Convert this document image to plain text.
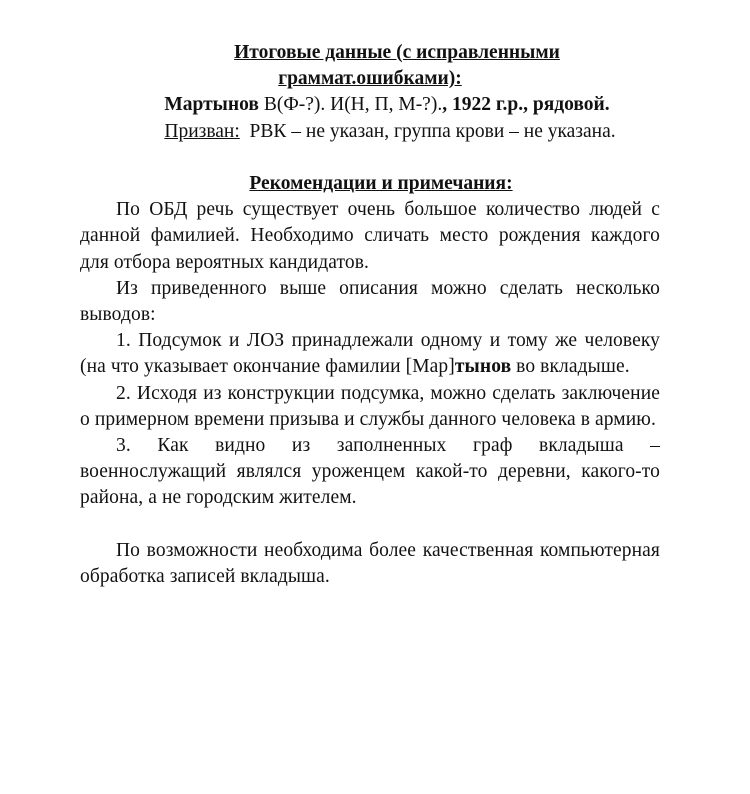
Итоговые данные (с исправленными

граммат.ошибками):

Мартынов В(Ф-?). И(Н, П, М-?)., 1922 г.р., рядовой.

Призван:  РВК – не указан, группа крови – не указана.

Рекомендации и примечания:

По ОБД речь существует очень большое количество людей с данной фамилией. Необходимо сличать место рождения каждого для отбора вероятных кандидатов.

Из приведенного выше описания можно сделать несколько выводов:

1. Подсумок и ЛОЗ принадлежали одному и тому же человеку (на что указывает окончание фамилии [Мар]тынов во вкладыше.

2. Исходя из конструкции подсумка, можно сделать заключение о примерном времени призыва и службы данного человека в армию.

3. Как видно из заполненных граф вкладыша – военнослужащий являлся уроженцем какой-то деревни, какого-то района, а не городским жителем.

По возможности необходима более качественная компьютерная обработка записей вкладыша.
